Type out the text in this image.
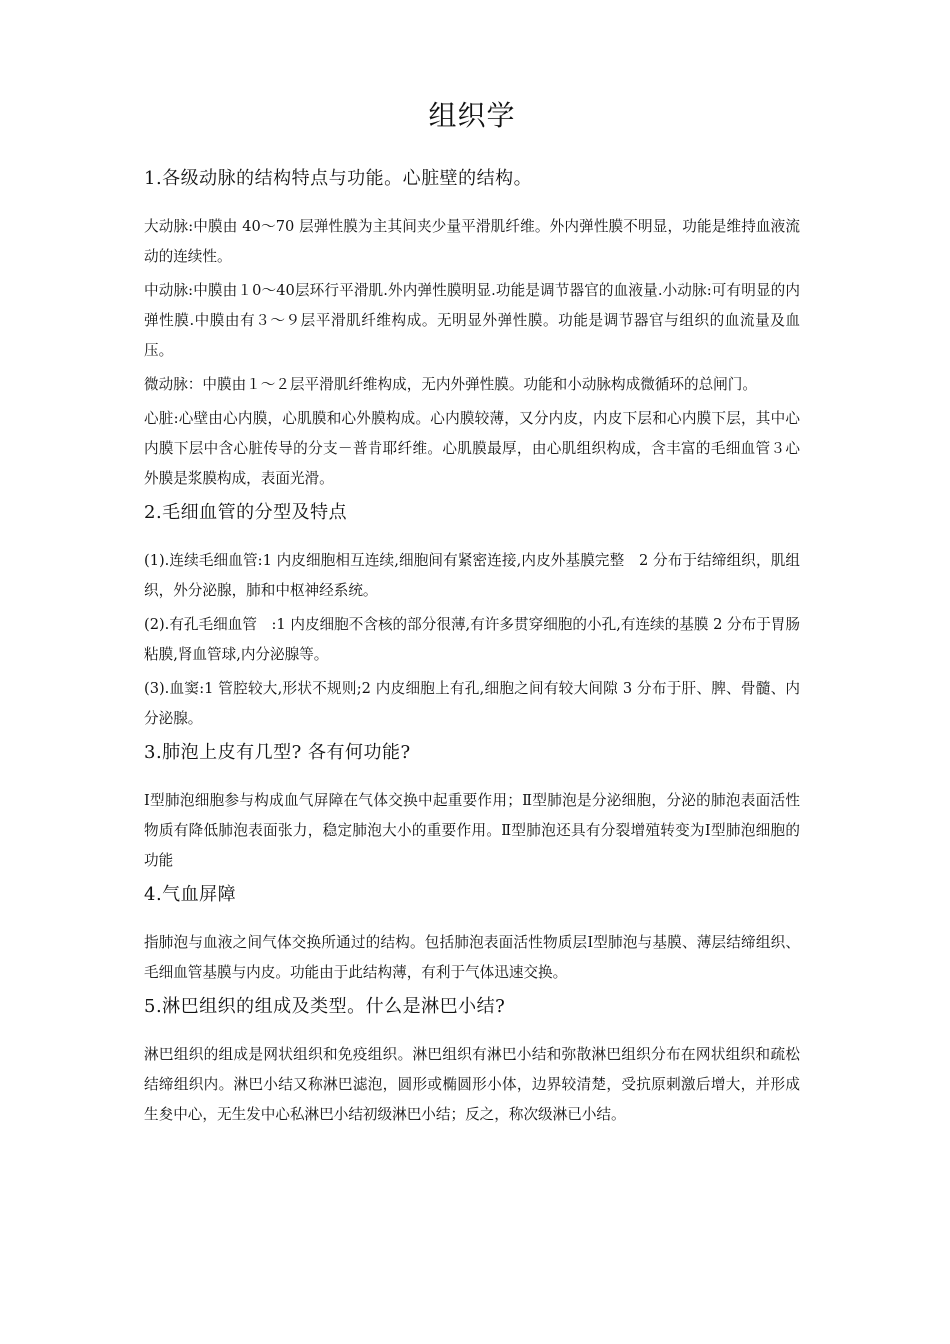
组织学
1.各级动脉的结构特点与功能。心脏壁的结构。

大动脉:中膜由 40～70 层弹性膜为主其间夹少量平滑肌纤维。外内弹性膜不明显，功能是维持血液流动的连续性。

中动脉:中膜由１0～40层环行平滑肌.外内弹性膜明显.功能是调节器官的血液量.小动脉:可有明显的内弹性膜.中膜由有３～９层平滑肌纤维构成。无明显外弹性膜。功能是调节器官与组织的血流量及血压。

微动脉：中膜由１～２层平滑肌纤维构成，无内外弹性膜。功能和小动脉构成微循环的总闸门。

心脏:心壁由心内膜，心肌膜和心外膜构成。心内膜较薄，又分内皮，内皮下层和心内膜下层，其中心内膜下层中含心脏传导的分支－普肯耶纤维。心肌膜最厚，由心肌组织构成，含丰富的毛细血管３心外膜是浆膜构成，表面光滑。

2.毛细血管的分型及特点

(1).连续毛细血管:1 内皮细胞相互连续,细胞间有紧密连接,内皮外基膜完整　2 分布于结缔组织，肌组织，外分泌腺，肺和中枢神经系统。

(2).有孔毛细血管　:1 内皮细胞不含核的部分很薄,有许多贯穿细胞的小孔,有连续的基膜 2 分布于胃肠粘膜,肾血管球,内分泌腺等。

(3).血窦:1 管腔较大,形状不规则;2 内皮细胞上有孔,细胞之间有较大间隙 3 分布于肝、脾、骨髓、内分泌腺。

3.肺泡上皮有几型? 各有何功能?

Ⅰ型肺泡细胞参与构成血气屏障在气体交换中起重要作用；Ⅱ型肺泡是分泌细胞，分泌的肺泡表面活性物质有降低肺泡表面张力，稳定肺泡大小的重要作用。Ⅱ型肺泡还具有分裂增殖转变为Ⅰ型肺泡细胞的功能

4.气血屏障

指肺泡与血液之间气体交换所通过的结构。包括肺泡表面活性物质层Ⅰ型肺泡与基膜、薄层结缔组织、毛细血管基膜与内皮。功能由于此结构薄，有利于气体迅速交换。

5.淋巴组织的组成及类型。什么是淋巴小结?

淋巴组织的组成是网状组织和免疫组织。淋巴组织有淋巴小结和弥散淋巴组织分布在网状组织和疏松结缔组织内。淋巴小结又称淋巴滤泡，圆形或椭圆形小体，边界较清楚，受抗原刺激后增大，并形成生夋中心，无生发中心私淋巴小结初级淋巴小结；反之，称次级淋已小结。
